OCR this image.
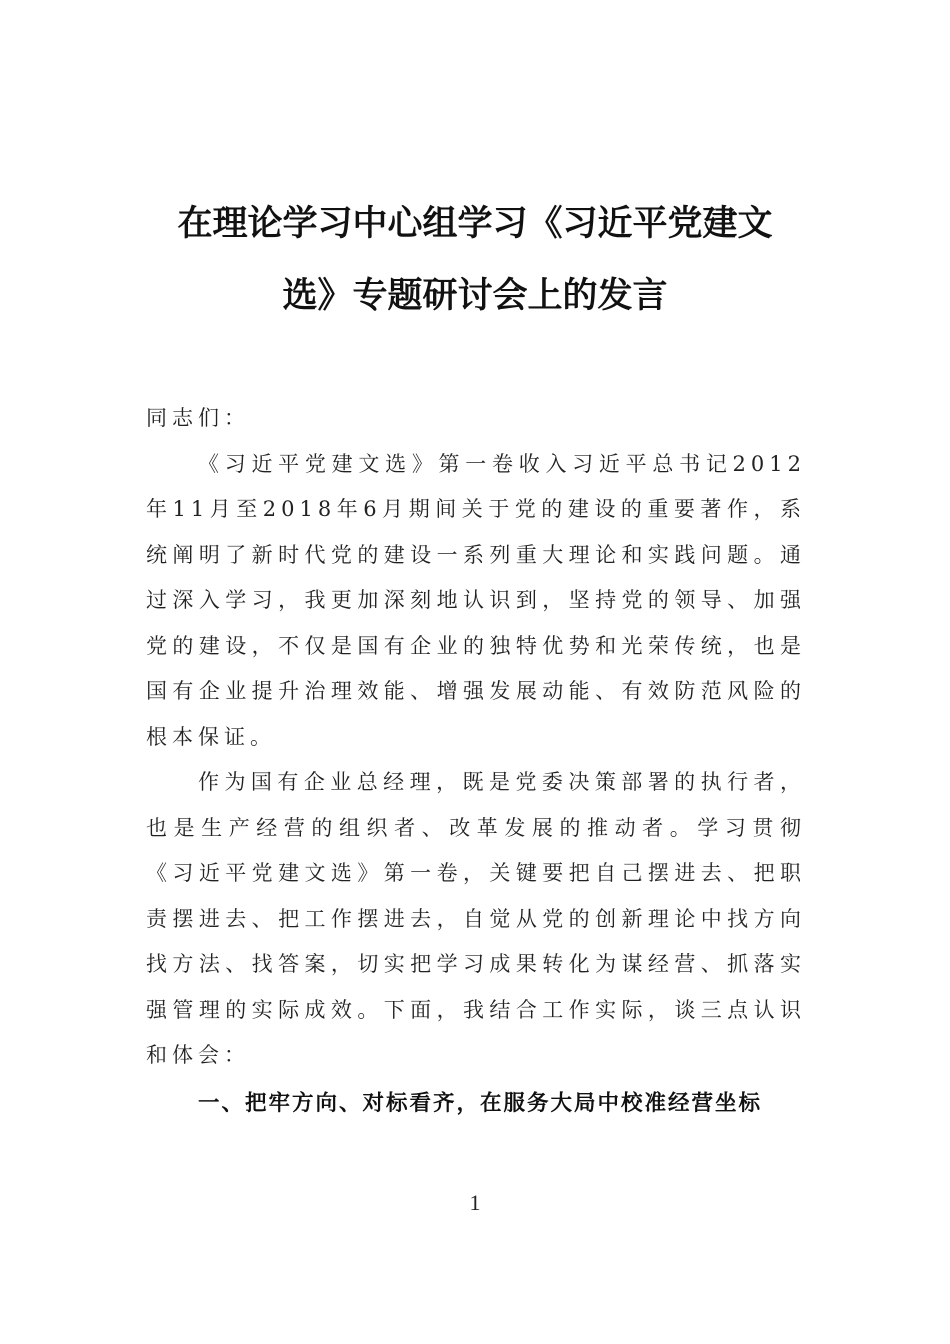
在理论学习中心组学习《习近平党建文
选》专题研讨会上的发言

同志们：

《习近平党建文选》第一卷收入习近平总书记2012年11月至2018年6月期间关于党的建设的重要著作，系统阐明了新时代党的建设一系列重大理论和实践问题。通过深入学习，我更加深刻地认识到，坚持党的领导、加强党的建设，不仅是国有企业的独特优势和光荣传统，也是国有企业提升治理效能、增强发展动能、有效防范风险的根本保证。

作为国有企业总经理，既是党委决策部署的执行者，也是生产经营的组织者、改革发展的推动者。学习贯彻《习近平党建文选》第一卷，关键要把自己摆进去、把职责摆进去、把工作摆进去，自觉从党的创新理论中找方向找方法、找答案，切实把学习成果转化为谋经营、抓落实强管理的实际成效。下面，我结合工作实际，谈三点认识和体会：

一、把牢方向、对标看齐，在服务大局中校准经营坐标

1
